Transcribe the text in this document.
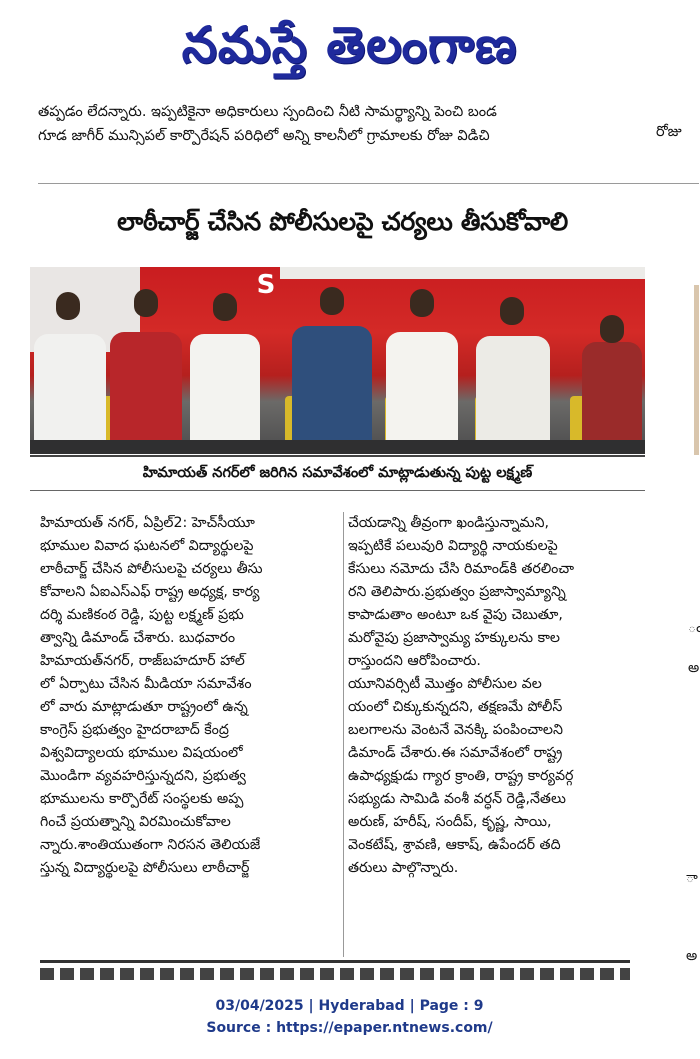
నమస్తే తెలంగాణ
తప్పడం లేదన్నారు. ఇప్పటికైనా అధికారులు స్పందించి నీటి సామర్థ్యాన్ని పెంచి బండ
గూడ జాగీర్ మున్సిపల్ కార్పొరేషన్ పరిధిలో అన్ని కాలనీలో గ్రామాలకు రోజు విడిచి	రోజు
లాఠీచార్జ్ చేసిన పోలీసులపై చర్యలు తీసుకోవాలి
S
హిమాయత్ నగర్‌లో జరిగిన సమావేశంలో మాట్లాడుతున్న పుట్ట లక్ష్మణ్
హిమాయత్ నగర్, ఏప్రిల్2: హెచ్‌సీయూ
భూముల వివాద ఘటనలో విద్యార్థులపై
లాఠీచార్జ్ చేసిన పోలీసులపై చర్యలు తీసు
కోవాలని ఏఐఎస్ఎఫ్ రాష్ట్ర అధ్యక్ష, కార్య
దర్శి మణికంఠ రెడ్డి, పుట్ట లక్ష్మణ్ ప్రభు
త్వాన్ని డిమాండ్ చేశారు. బుధవారం
హిమాయత్‌నగర్, రాజ్‌బహదూర్ హాల్
లో ఏర్పాటు చేసిన మీడియా సమావేశం
లో వారు మాట్లాడుతూ రాష్ట్రంలో ఉన్న
కాంగ్రెస్ ప్రభుత్వం హైదరాబాద్ కేంద్ర
విశ్వవిద్యాలయ భూముల విషయంలో
మొండిగా వ్యవహరిస్తున్నదని, ప్రభుత్వ
భూములను కార్పొరేట్ సంస్థలకు అప్ప
గించే ప్రయత్నాన్ని విరమించుకోవాల
న్నారు.శాంతియుతంగా నిరసన తెలియజే
స్తున్న విద్యార్థులపై పోలీసులు లాఠీచార్జ్
చేయడాన్ని తీవ్రంగా ఖండిస్తున్నామని,
ఇప్పటికే పలువురి విద్యార్థి నాయకులపై
కేసులు నమోదు చేసి రిమాండ్‌కి తరలించా
రని తెలిపారు.ప్రభుత్వం ప్రజాస్వామ్యాన్ని
కాపాడుతాం అంటూ ఒక వైపు చెబుతూ,
మరోవైపు ప్రజాస్వామ్య హక్కులను కాల
రాస్తుందని ఆరోపించారు.
యూనివర్సిటీ మొత్తం పోలీసుల వల
యంలో చిక్కుకున్నదని, తక్షణమే పోలీస్
బలగాలను వెంటనే వెనక్కి పంపించాలని
డిమాండ్ చేశారు.ఈ సమావేశంలో రాష్ట్ర
ఉపాధ్యక్షుడు గ్యార క్రాంతి, రాష్ట్ర కార్యవర్గ
సభ్యుడు సామిడి వంశీ వర్ధన్ రెడ్డి,నేతలు
అరుణ్, హరీష్, సందీప్, కృష్ణ, సాయి,
వెంకటేష్, శ్రావణి, ఆకాష్, ఉపేందర్ తది
తరులు పాల్గొన్నారు.
ఁ
అ
ా
అ
03/04/2025 | Hyderabad | Page : 9
Source : https://epaper.ntnews.com/
